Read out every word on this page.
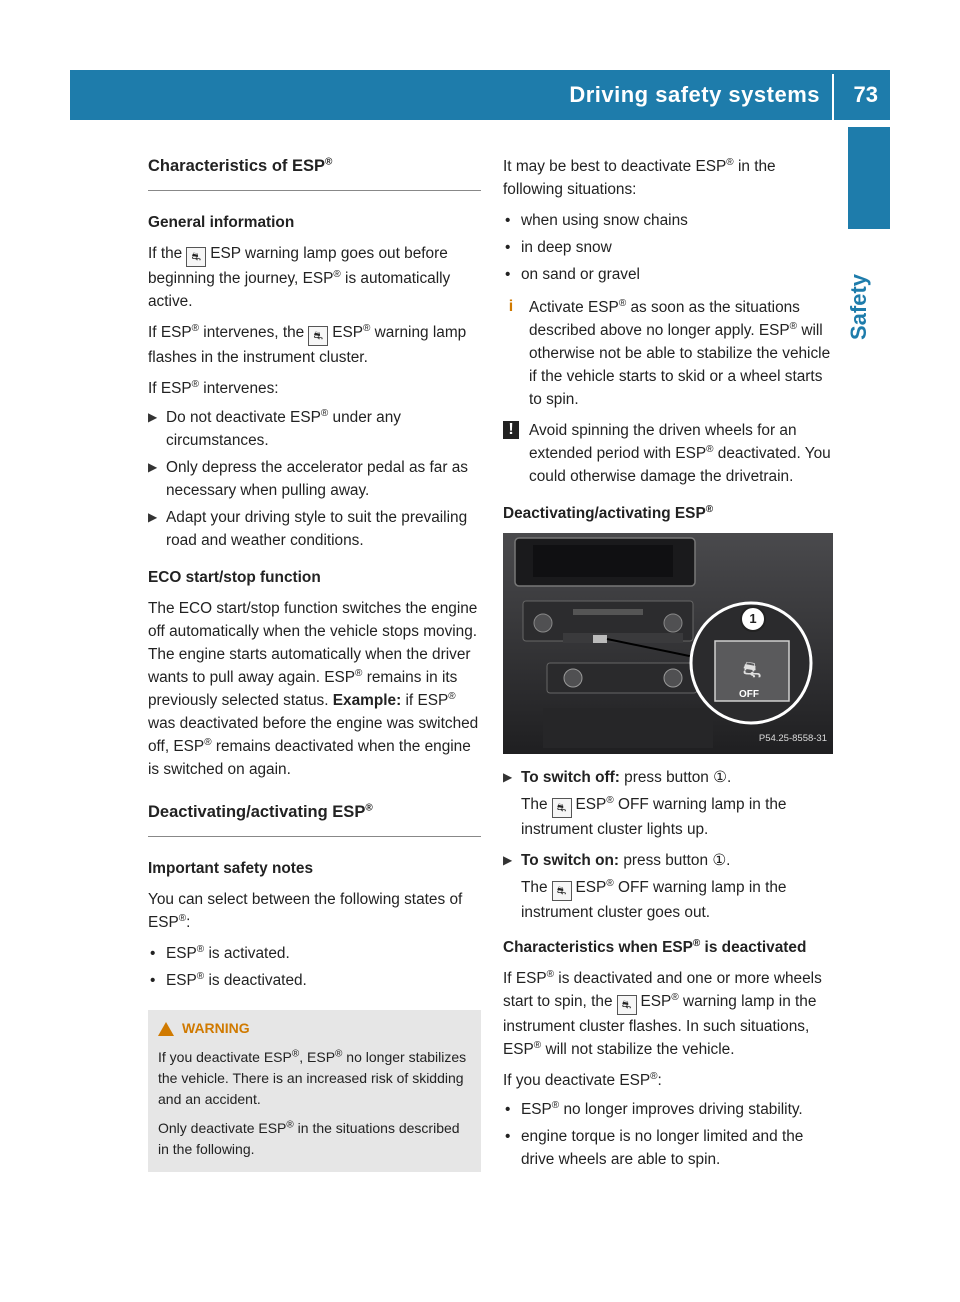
Driving safety systems 73
Safety
Characteristics of ESP®

General information

If the ⛐ ESP warning lamp goes out before beginning the journey, ESP® is automatically active.

If ESP® intervenes, the ⛐ ESP® warning lamp flashes in the instrument cluster.

If ESP® intervenes:

▶ Do not deactivate ESP® under any circumstances.
▶ Only depress the accelerator pedal as far as necessary when pulling away.
▶ Adapt your driving style to suit the prevailing road and weather conditions.

ECO start/stop function

The ECO start/stop function switches the engine off automatically when the vehicle stops moving. The engine starts automatically when the driver wants to pull away again. ESP® remains in its previously selected status. Example: if ESP® was deactivated before the engine was switched off, ESP® remains deactivated when the engine is switched on again.

Deactivating/activating ESP®

Important safety notes

You can select between the following states of ESP®:

• ESP® is activated.
• ESP® is deactivated.
WARNING

If you deactivate ESP®, ESP® no longer stabilizes the vehicle. There is an increased risk of skidding and an accident.

Only deactivate ESP® in the situations described in the following.

It may be best to deactivate ESP® in the following situations:

• when using snow chains
• in deep snow
• on sand or gravel
i	Activate ESP® as soon as the situations described above no longer apply. ESP® will otherwise not be able to stabilize the vehicle if the vehicle starts to skid or a wheel starts to spin.
! Avoid spinning the driven wheels for an extended period with ESP® deactivated. You could otherwise damage the drivetrain.

Deactivating/activating ESP®

⛐
1
OFF
P54.25-8558-31
▶ To switch off: press button ①.

The ⛐ ESP® OFF warning lamp in the instrument cluster lights up.

▶ To switch on: press button ①.

The ⛐ ESP® OFF warning lamp in the instrument cluster goes out.

Characteristics when ESP® is deactivated

If ESP® is deactivated and one or more wheels start to spin, the ⛐ ESP® warning lamp in the instrument cluster flashes. In such situations, ESP® will not stabilize the vehicle.

If you deactivate ESP®:

• ESP® no longer improves driving stability.
• engine torque is no longer limited and the drive wheels are able to spin.
